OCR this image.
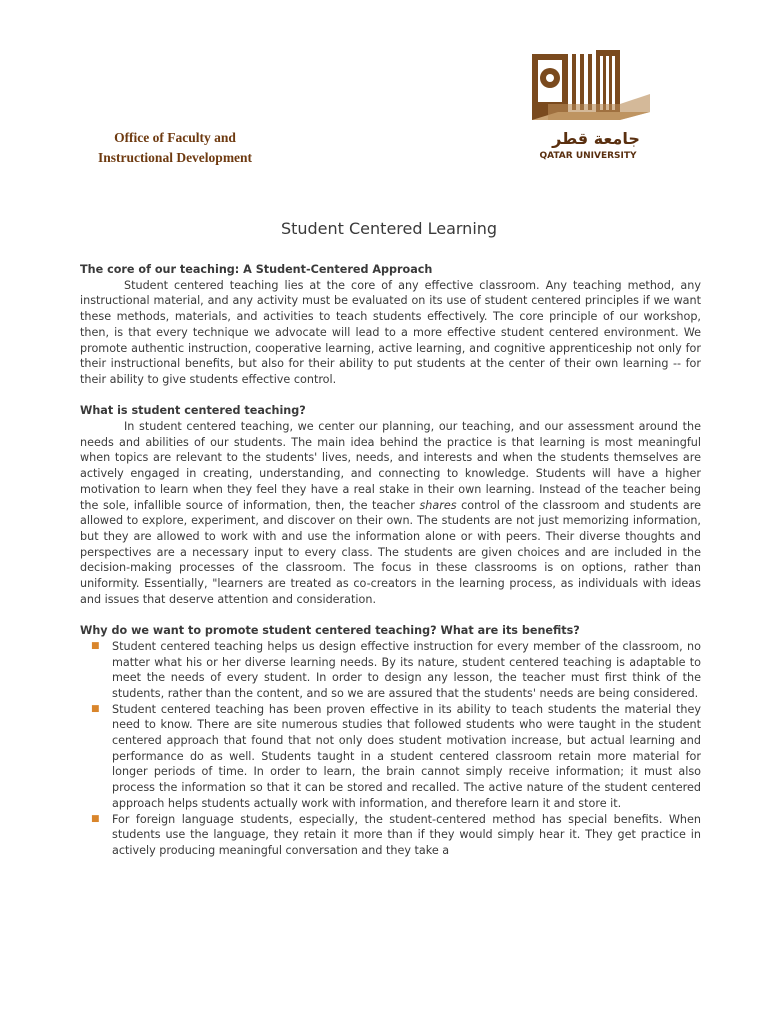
Office of Faculty and
Instructional Development
جامعة قطر
QATAR UNIVERSITY
Student Centered Learning
The core of our teaching: A Student-Centered Approach

Student centered teaching lies at the core of any effective classroom. Any teaching method, any instructional material, and any activity must be evaluated on its use of student centered principles if we want these methods, materials, and activities to teach students effectively. The core principle of our workshop, then, is that every technique we advocate will lead to a more effective student centered environment. We promote authentic instruction, cooperative learning, active learning, and cognitive apprenticeship not only for their instructional benefits, but also for their ability to put students at the center of their own learning -- for their ability to give students effective control.

What is student centered teaching?

In student centered teaching, we center our planning, our teaching, and our assessment around the needs and abilities of our students. The main idea behind the practice is that learning is most meaningful when topics are relevant to the students' lives, needs, and interests and when the students themselves are actively engaged in creating, understanding, and connecting to knowledge. Students will have a higher motivation to learn when they feel they have a real stake in their own learning. Instead of the teacher being the sole, infallible source of information, then, the teacher shares control of the classroom and students are allowed to explore, experiment, and discover on their own. The students are not just memorizing information, but they are allowed to work with and use the information alone or with peers. Their diverse thoughts and perspectives are a necessary input to every class. The students are given choices and are included in the decision-making processes of the classroom. The focus in these classrooms is on options, rather than uniformity. Essentially, "learners are treated as co-creators in the learning process, as individuals with ideas and issues that deserve attention and consideration.

Why do we want to promote student centered teaching? What are its benefits?
■ Student centered teaching helps us design effective instruction for every member of the classroom, no matter what his or her diverse learning needs. By its nature, student centered teaching is adaptable to meet the needs of every student. In order to design any lesson, the teacher must first think of the students, rather than the content, and so we are assured that the students' needs are being considered.
■ Student centered teaching has been proven effective in its ability to teach students the material they need to know. There are site numerous studies that followed students who were taught in the student centered approach that found that not only does student motivation increase, but actual learning and performance do as well. Students taught in a student centered classroom retain more material for longer periods of time. In order to learn, the brain cannot simply receive information; it must also process the information so that it can be stored and recalled. The active nature of the student centered approach helps students actually work with information, and therefore learn it and store it.
■ For foreign language students, especially, the student-centered method has special benefits. When students use the language, they retain it more than if they would simply hear it. They get practice in actively producing meaningful conversation and they take a
